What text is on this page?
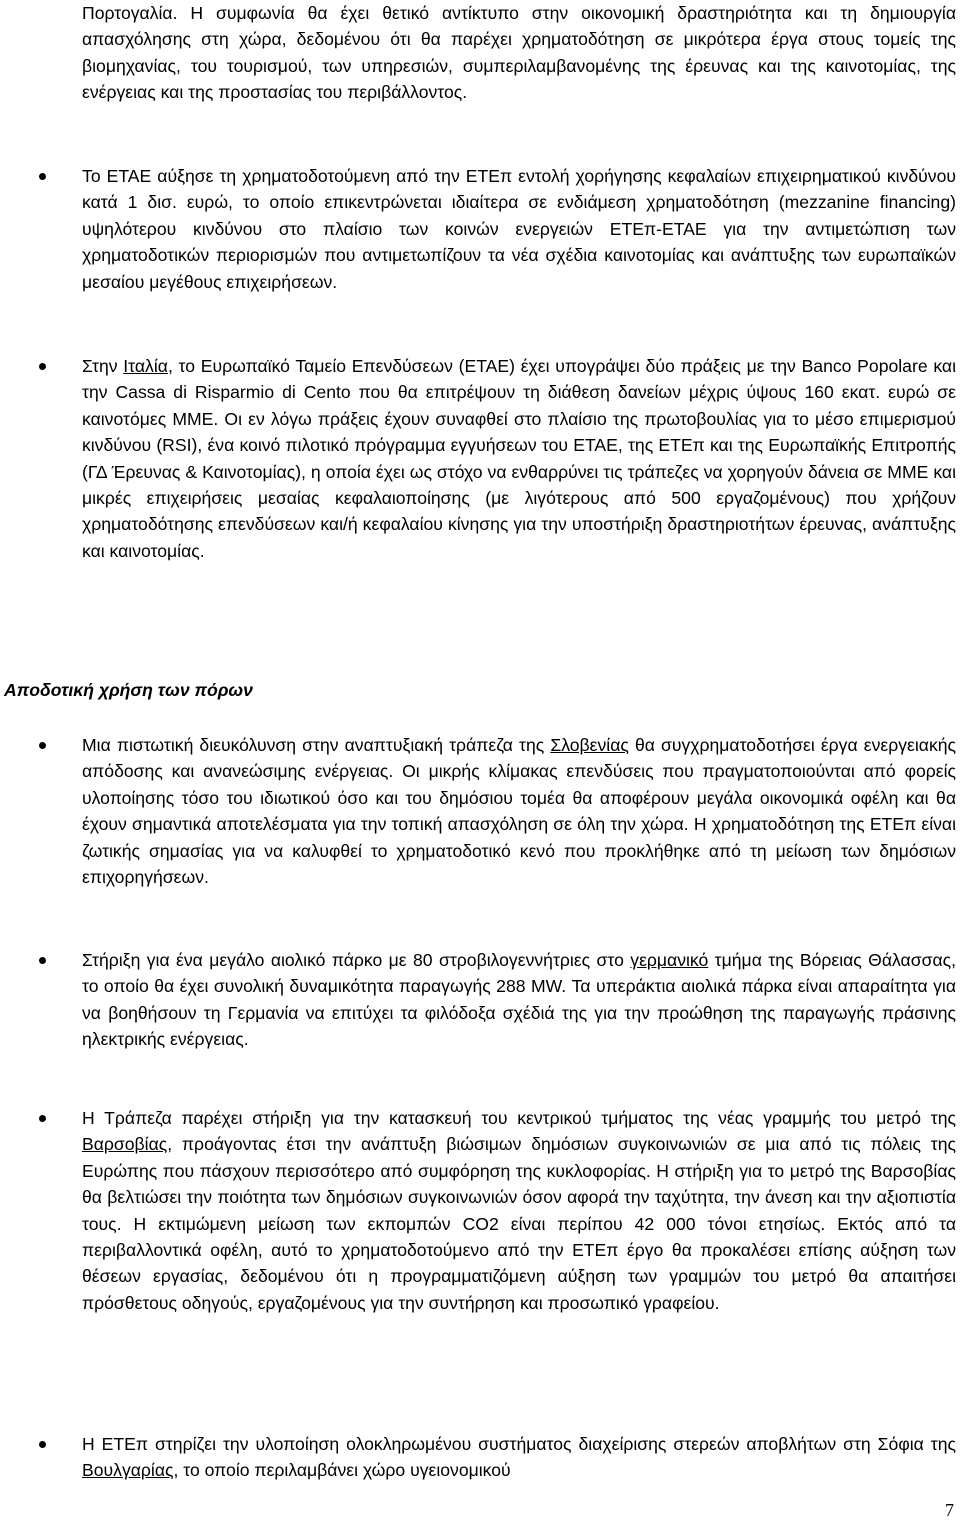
Πορτογαλία. Η συμφωνία θα έχει θετικό αντίκτυπο στην οικονομική δραστηριότητα και τη δημιουργία απασχόλησης στη χώρα, δεδομένου ότι θα παρέχει χρηματοδότηση σε μικρότερα έργα στους τομείς της βιομηχανίας, του τουρισμού, των υπηρεσιών, συμπεριλαμβανομένης της έρευνας και της καινοτομίας, της ενέργειας και της προστασίας του περιβάλλοντος.

Το ΕΤΑΕ αύξησε τη χρηματοδοτούμενη από την ΕΤΕπ εντολή χορήγησης κεφαλαίων επιχειρηματικού κινδύνου κατά 1 δισ. ευρώ, το οποίο επικεντρώνεται ιδιαίτερα σε ενδιάμεση χρηματοδότηση (mezzanine financing) υψηλότερου κινδύνου στο πλαίσιο των κοινών ενεργειών ΕΤΕπ-ΕΤΑΕ για την αντιμετώπιση των χρηματοδοτικών περιορισμών που αντιμετωπίζουν τα νέα σχέδια καινοτομίας και ανάπτυξης των ευρωπαϊκών μεσαίου μεγέθους επιχειρήσεων.
Στην Ιταλία, το Ευρωπαϊκό Ταμείο Επενδύσεων (ΕΤΑΕ) έχει υπογράψει δύο πράξεις με την Banco Popolare και την Cassa di Risparmio di Cento που θα επιτρέψουν τη διάθεση δανείων μέχρις ύψους 160 εκατ. ευρώ σε καινοτόμες ΜΜΕ. Οι εν λόγω πράξεις έχουν συναφθεί στο πλαίσιο της πρωτοβουλίας για το μέσο επιμερισμού κινδύνου (RSI), ένα κοινό πιλοτικό πρόγραμμα εγγυήσεων του ΕΤΑΕ, της ΕΤΕπ και της Ευρωπαϊκής Επιτροπής (ΓΔ Έρευνας & Καινοτομίας), η οποία έχει ως στόχο να ενθαρρύνει τις τράπεζες να χορηγούν δάνεια σε ΜΜΕ και μικρές επιχειρήσεις μεσαίας κεφαλαιοποίησης (με λιγότερους από 500 εργαζομένους) που χρήζουν χρηματοδότησης επενδύσεων και/ή κεφαλαίου κίνησης για την υποστήριξη δραστηριοτήτων έρευνας, ανάπτυξης και καινοτομίας.
Αποδοτική χρήση των πόρων
Μια πιστωτική διευκόλυνση στην αναπτυξιακή τράπεζα της Σλοβενίας θα συγχρηματοδοτήσει έργα ενεργειακής απόδοσης και ανανεώσιμης ενέργειας. Οι μικρής κλίμακας επενδύσεις που πραγματοποιούνται από φορείς υλοποίησης τόσο του ιδιωτικού όσο και του δημόσιου τομέα θα αποφέρουν μεγάλα οικονομικά οφέλη και θα έχουν σημαντικά αποτελέσματα για την τοπική απασχόληση σε όλη την χώρα. Η χρηματοδότηση της ΕΤΕπ είναι ζωτικής σημασίας για να καλυφθεί το χρηματοδοτικό κενό που προκλήθηκε από τη μείωση των δημόσιων επιχορηγήσεων.
Στήριξη για ένα μεγάλο αιολικό πάρκο με 80 στροβιλογεννήτριες στο γερμανικό τμήμα της Βόρειας Θάλασσας, το οποίο θα έχει συνολική δυναμικότητα παραγωγής 288 MW. Τα υπεράκτια αιολικά πάρκα είναι απαραίτητα για να βοηθήσουν τη Γερμανία να επιτύχει τα φιλόδοξα σχέδιά της για την προώθηση της παραγωγής πράσινης ηλεκτρικής ενέργειας.
Η Τράπεζα παρέχει στήριξη για την κατασκευή του κεντρικού τμήματος της νέας γραμμής του μετρό της Βαρσοβίας, προάγοντας έτσι την ανάπτυξη βιώσιμων δημόσιων συγκοινωνιών σε μια από τις πόλεις της Ευρώπης που πάσχουν περισσότερο από συμφόρηση της κυκλοφορίας. Η στήριξη για το μετρό της Βαρσοβίας θα βελτιώσει την ποιότητα των δημόσιων συγκοινωνιών όσον αφορά την ταχύτητα, την άνεση και την αξιοπιστία τους. Η εκτιμώμενη μείωση των εκπομπών CO2 είναι περίπου 42 000 τόνοι ετησίως. Εκτός από τα περιβαλλοντικά οφέλη, αυτό το χρηματοδοτούμενο από την ΕΤΕπ έργο θα προκαλέσει επίσης αύξηση των θέσεων εργασίας, δεδομένου ότι η προγραμματιζόμενη αύξηση των γραμμών του μετρό θα απαιτήσει πρόσθετους οδηγούς, εργαζομένους για την συντήρηση και προσωπικό γραφείου.
Η ΕΤΕπ στηρίζει την υλοποίηση ολοκληρωμένου συστήματος διαχείρισης στερεών αποβλήτων στη Σόφια της Βουλγαρίας, το οποίο περιλαμβάνει χώρο υγειονομικού
7
